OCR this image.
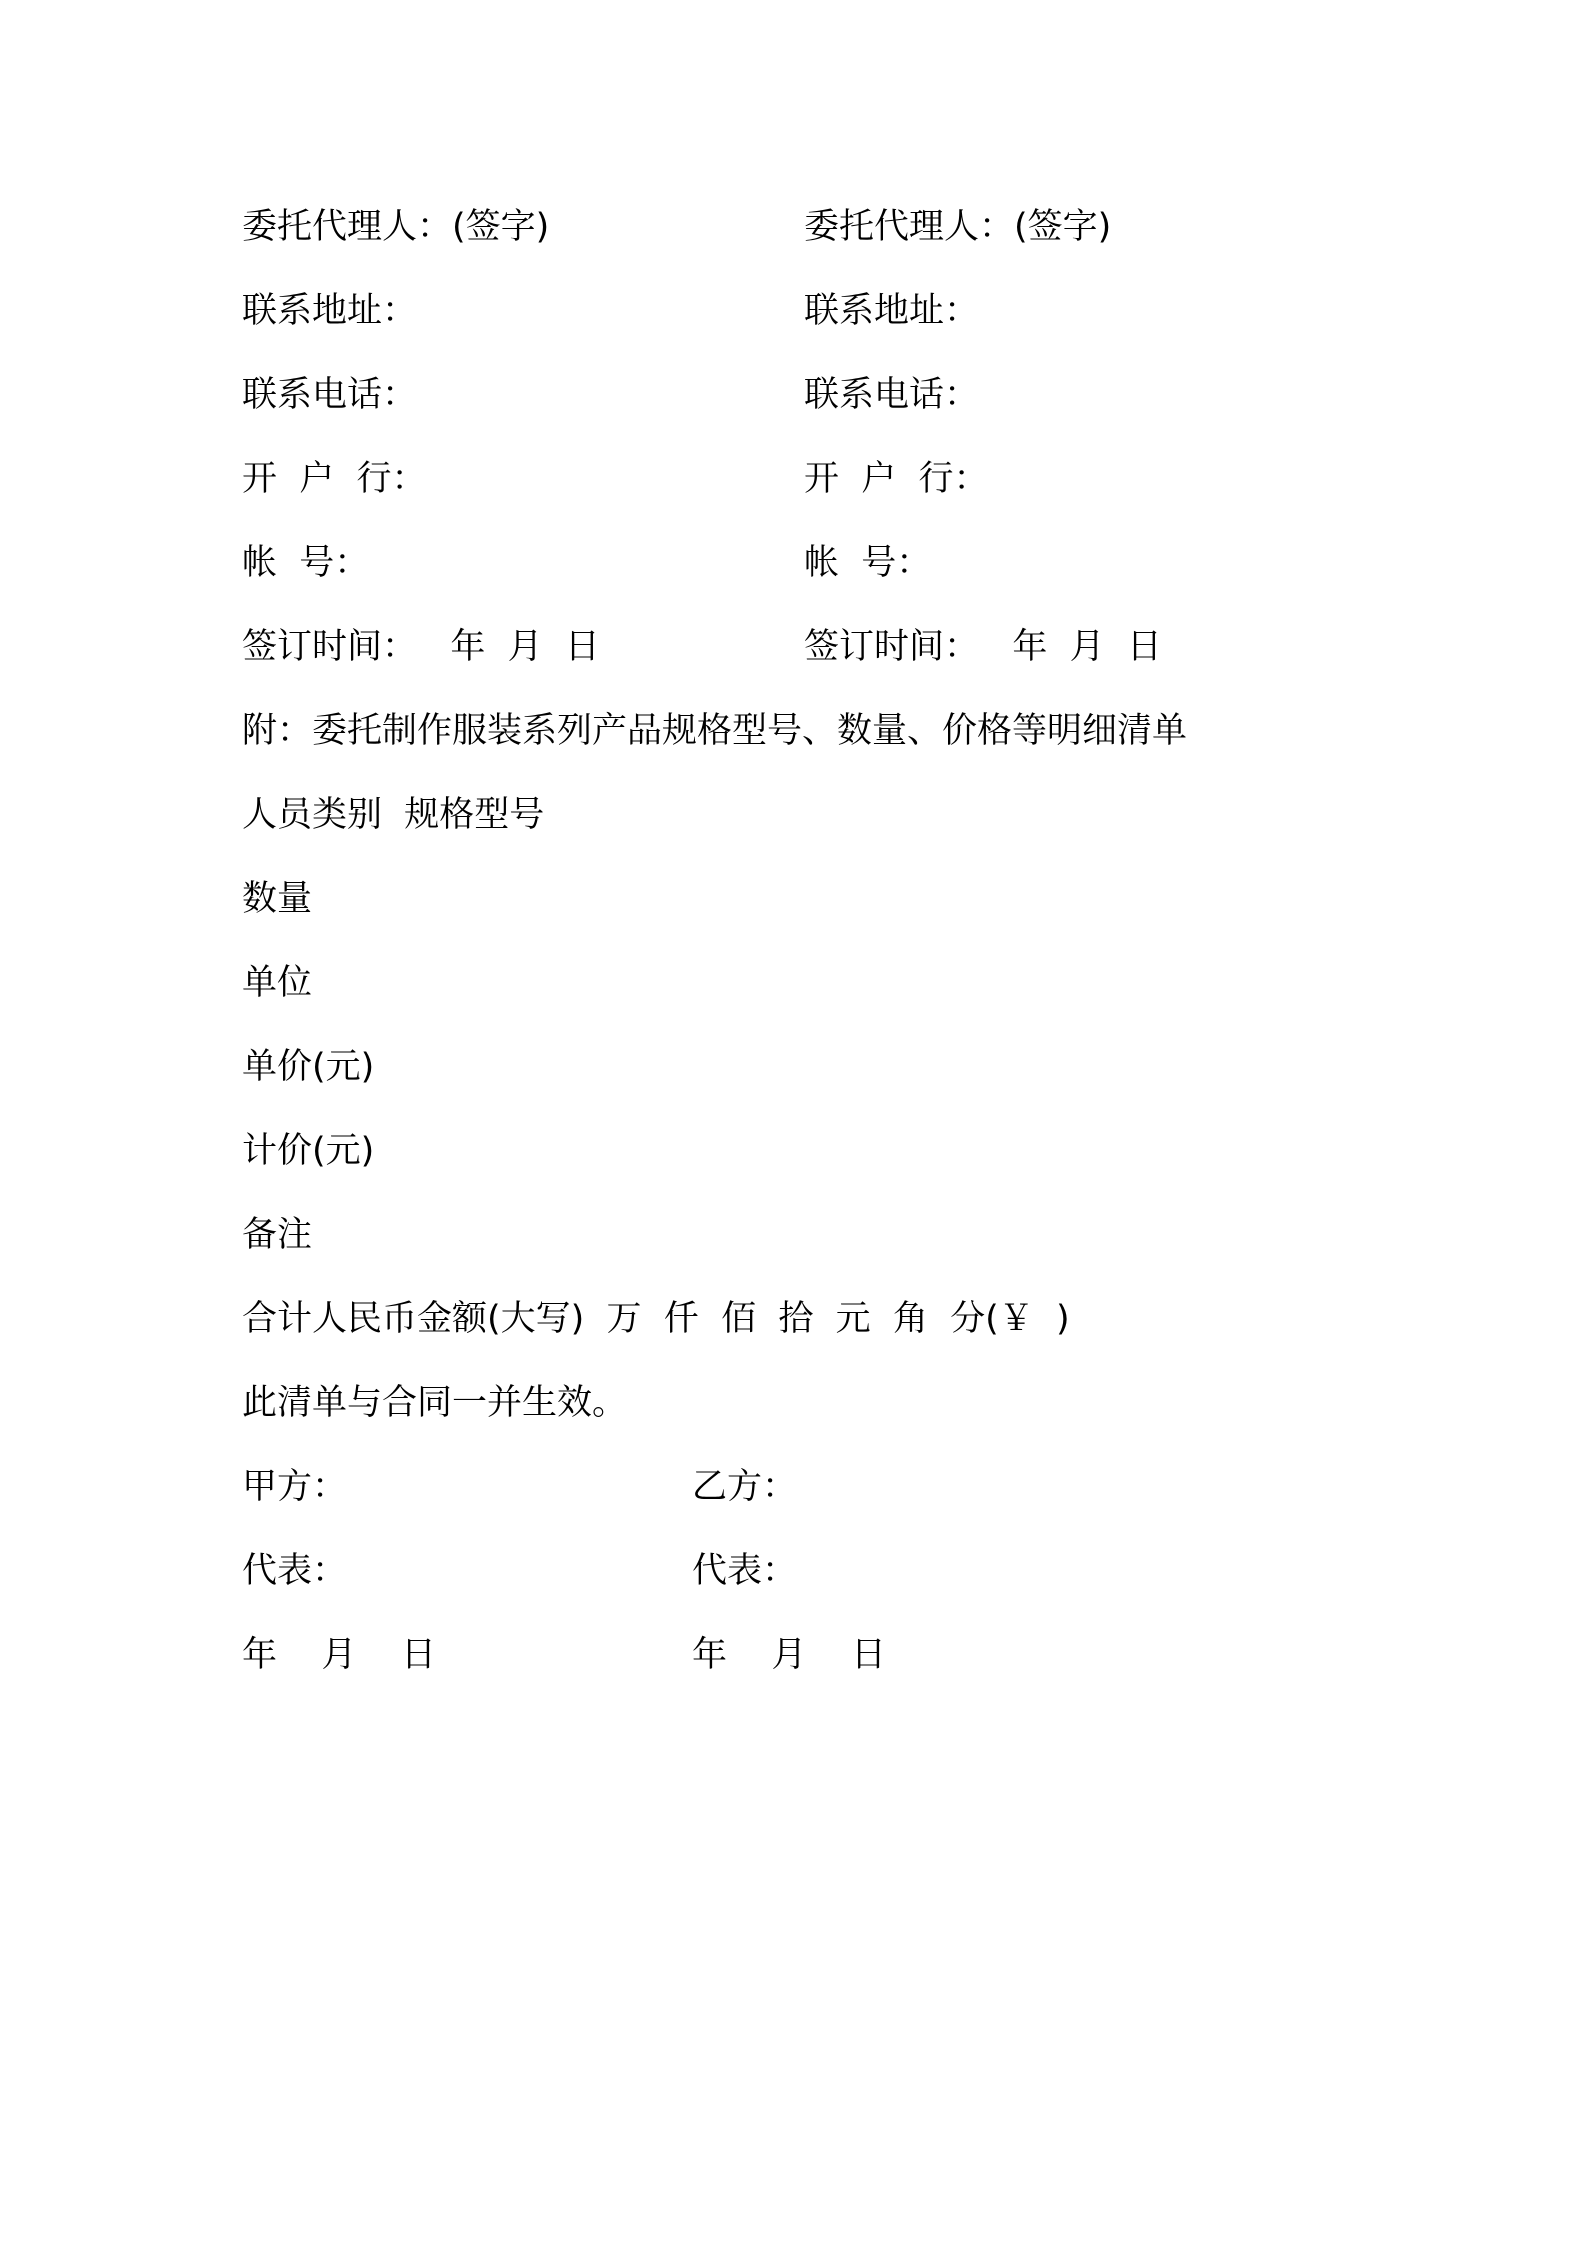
委托代理人：(签字)	委托代理人：(签字)
联系地址：	联系地址：
联系电话：	联系电话：
开  户  行：	开  户  行：
帐  号：	帐  号：
签订时间：   年  月  日	签订时间：   年  月  日
附：委托制作服装系列产品规格型号、数量、价格等明细清单
人员类别  规格型号
数量
单位
单价(元)
计价(元)
备注
合计人民币金额(大写)  万  仟  佰  拾  元  角  分(￥  )
此清单与合同一并生效。
甲方：	乙方：
代表：	代表：
年    月    日	年    月    日
